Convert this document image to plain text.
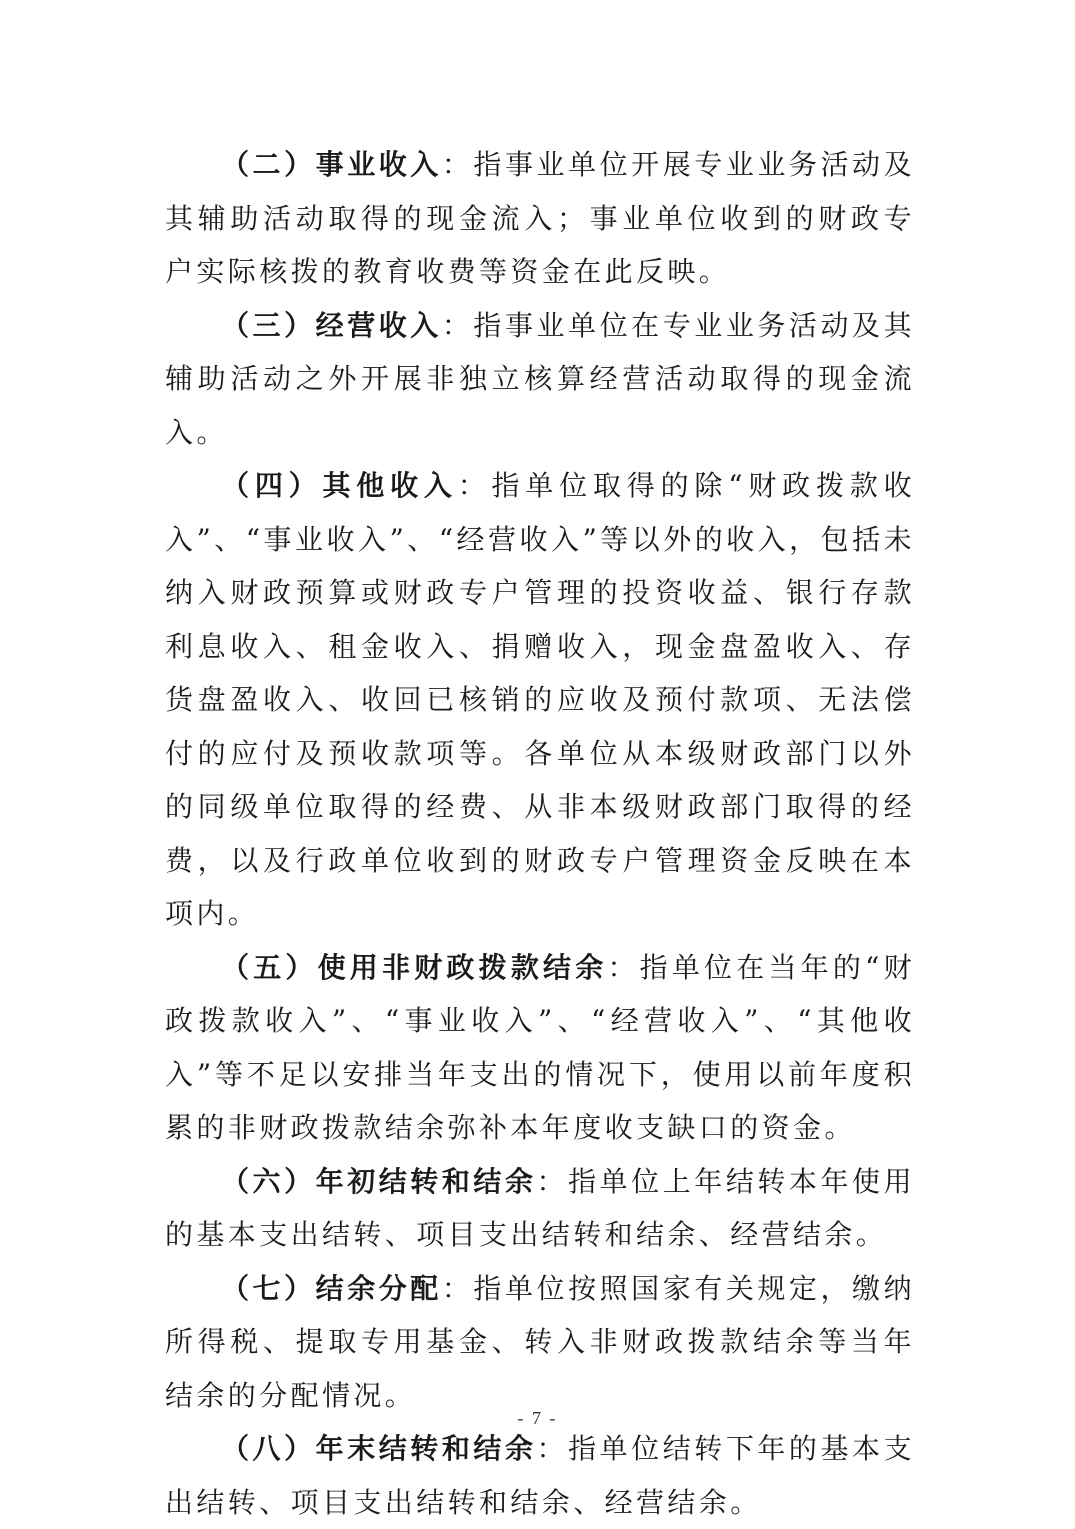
（二）事业收入：指事业单位开展专业业务活动及其辅助活动取得的现金流入；事业单位收到的财政专户实际核拨的教育收费等资金在此反映。

（三）经营收入：指事业单位在专业业务活动及其辅助活动之外开展非独立核算经营活动取得的现金流入。

（四）其他收入：指单位取得的除“财政拨款收入”、“事业收入”、“经营收入”等以外的收入，包括未纳入财政预算或财政专户管理的投资收益、银行存款利息收入、租金收入、捐赠收入，现金盘盈收入、存货盘盈收入、收回已核销的应收及预付款项、无法偿付的应付及预收款项等。各单位从本级财政部门以外的同级单位取得的经费、从非本级财政部门取得的经费，以及行政单位收到的财政专户管理资金反映在本项内。

（五）使用非财政拨款结余：指单位在当年的“财政拨款收入”、“事业收入”、“经营收入”、“其他收入”等不足以安排当年支出的情况下，使用以前年度积累的非财政拨款结余弥补本年度收支缺口的资金。

（六）年初结转和结余：指单位上年结转本年使用的基本支出结转、项目支出结转和结余、经营结余。

（七）结余分配：指单位按照国家有关规定，缴纳所得税、提取专用基金、转入非财政拨款结余等当年结余的分配情况。

（八）年末结转和结余：指单位结转下年的基本支出结转、项目支出结转和结余、经营结余。

- 7 -
